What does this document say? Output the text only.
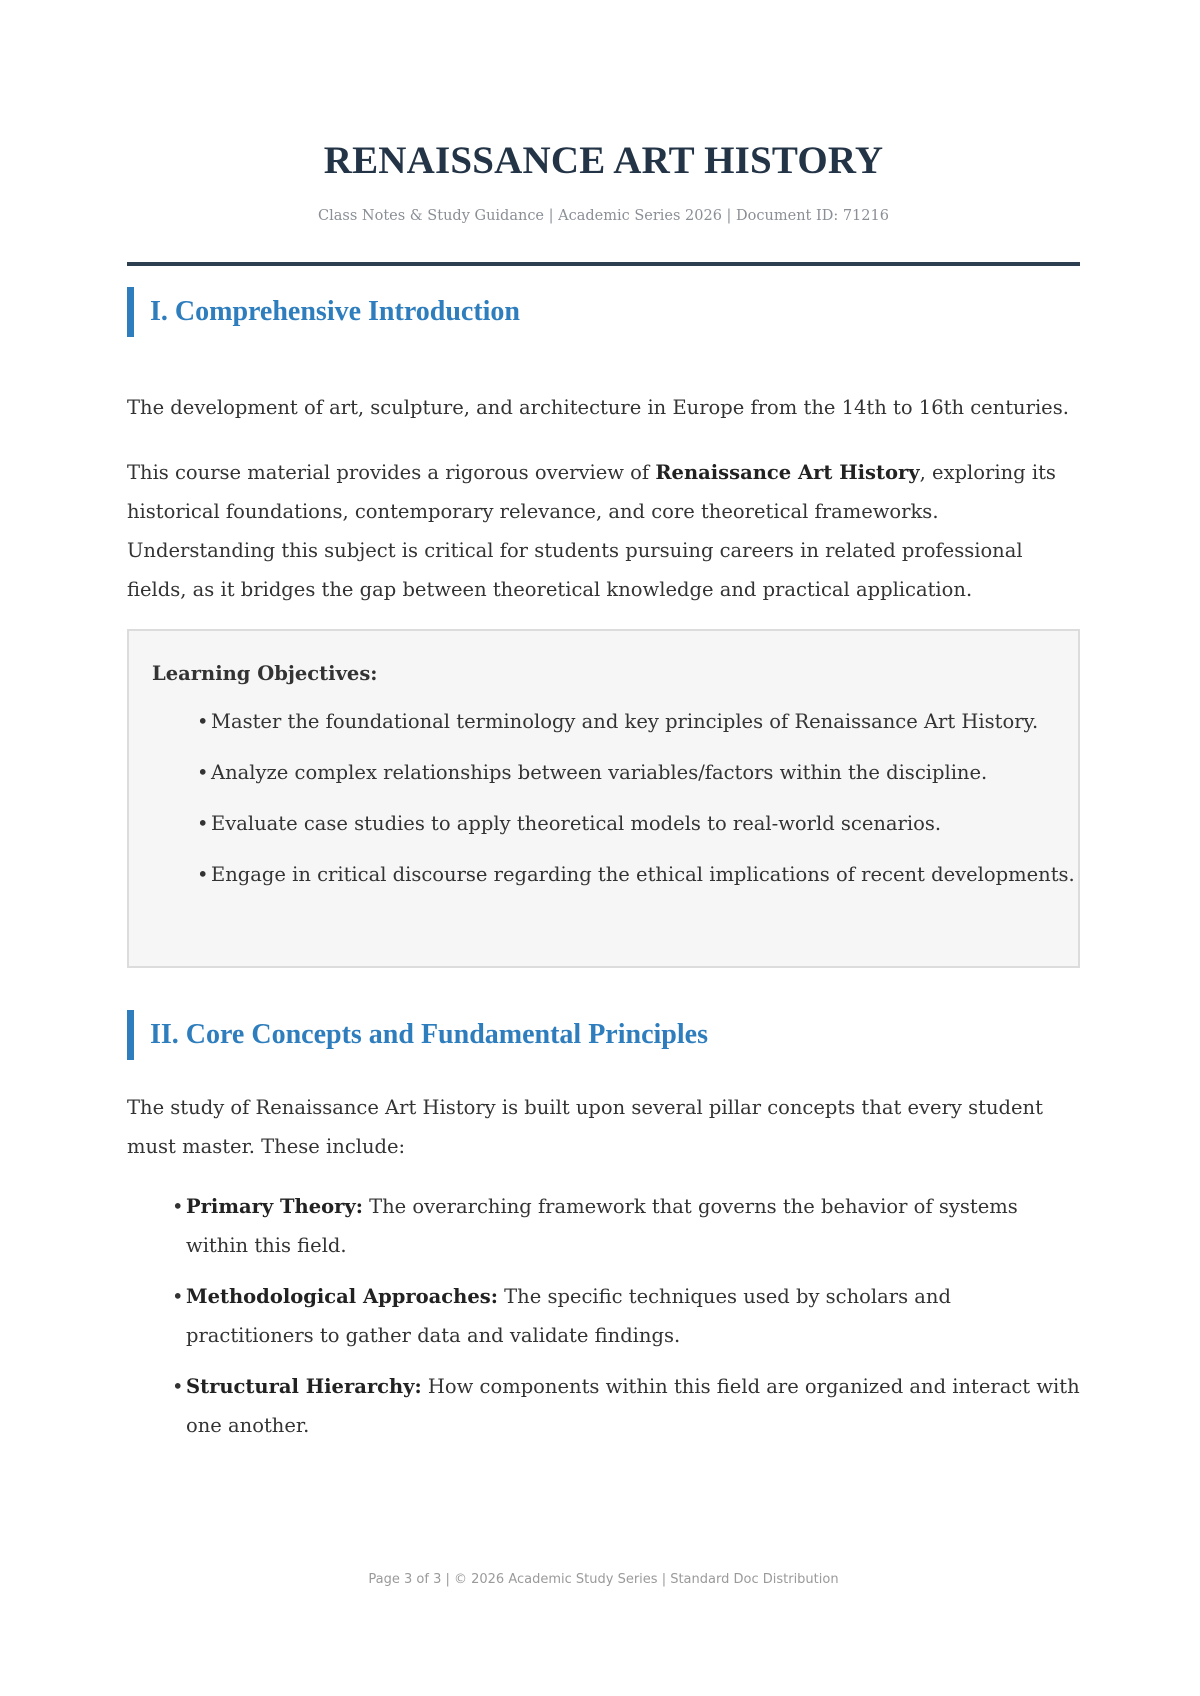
RENAISSANCE ART HISTORY
Class Notes & Study Guidance | Academic Series 2026 | Document ID: 71216
I. Comprehensive Introduction

The development of art, sculpture, and architecture in Europe from the 14th to 16th centuries.

This course material provides a rigorous overview of Renaissance Art History, exploring its historical foundations, contemporary relevance, and core theoretical frameworks. Understanding this subject is critical for students pursuing careers in related professional fields, as it bridges the gap between theoretical knowledge and practical application.

Learning Objectives:
• Master the foundational terminology and key principles of Renaissance Art History.
• Analyze complex relationships between variables/factors within the discipline.
• Evaluate case studies to apply theoretical models to real-world scenarios.
• Engage in critical discourse regarding the ethical implications of recent developments.
II. Core Concepts and Fundamental Principles

The study of Renaissance Art History is built upon several pillar concepts that every student must master. These include:

• Primary Theory: The overarching framework that governs the behavior of systems within this field.
• Methodological Approaches: The specific techniques used by scholars and practitioners to gather data and validate findings.
• Structural Hierarchy: How components within this field are organized and interact with one another.
Page 3 of 3 | © 2026 Academic Study Series | Standard Doc Distribution
